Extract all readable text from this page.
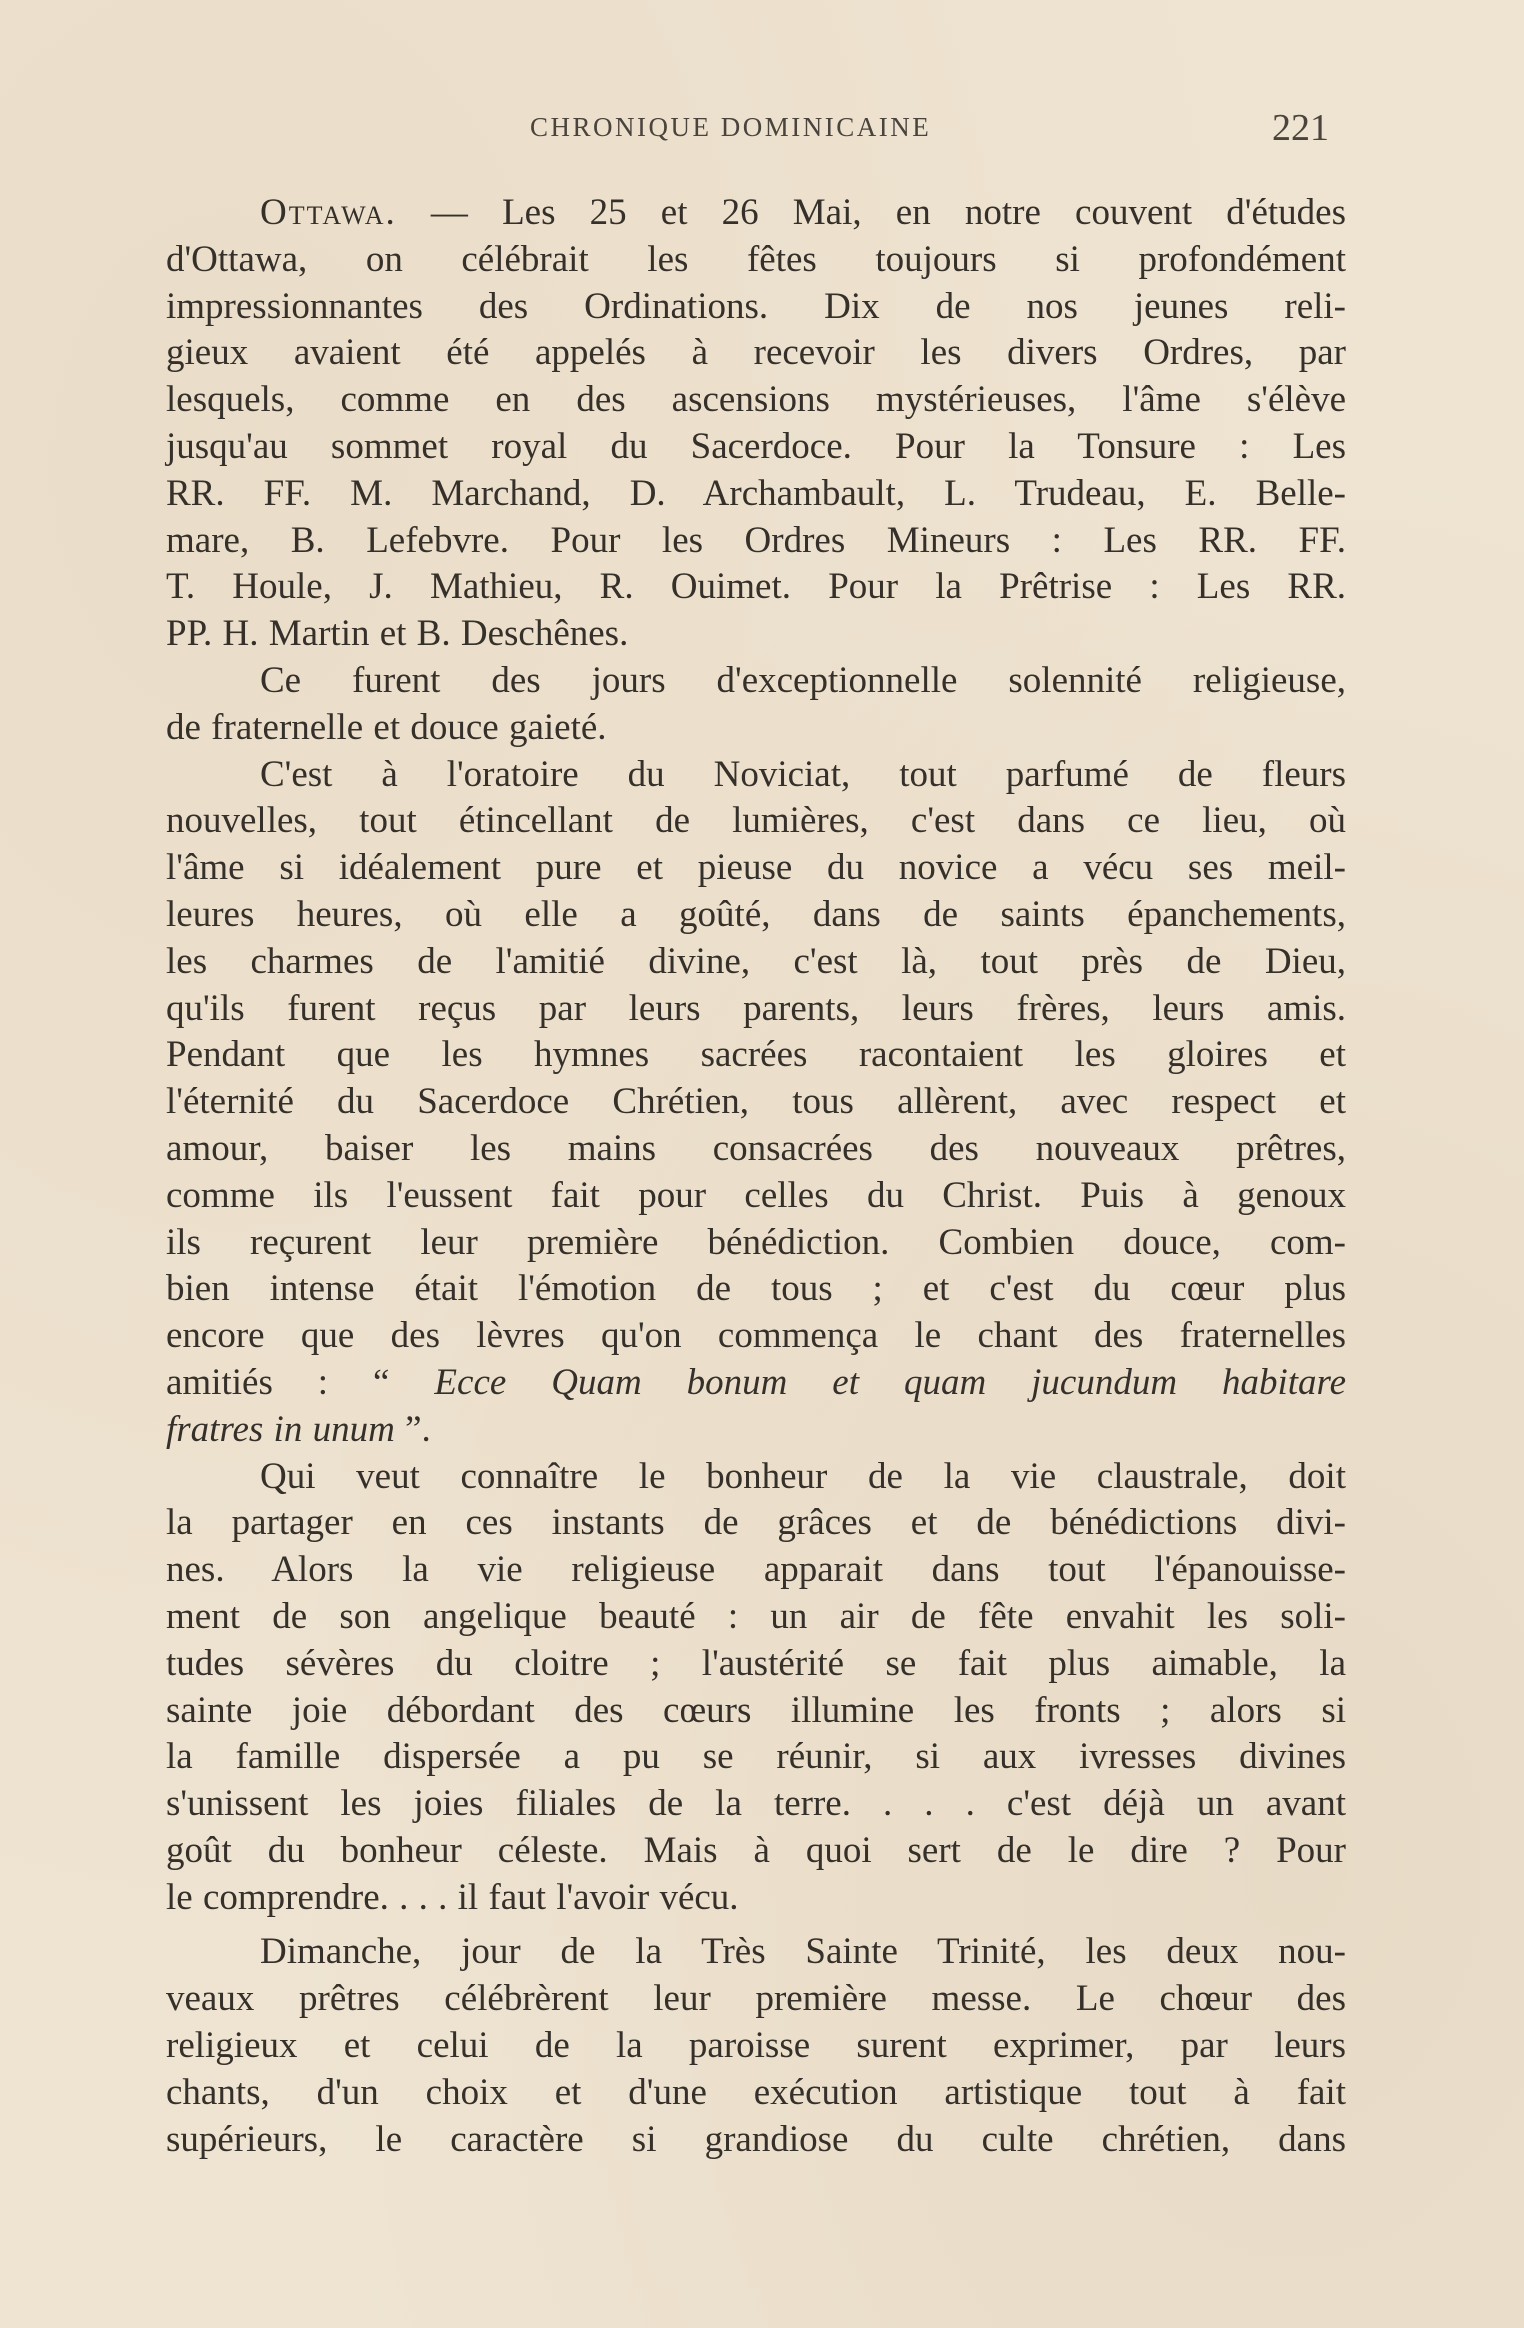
CHRONIQUE DOMINICAINE	221
Ottawa. — Les 25 et 26 Mai, en notre couvent d'études
d'Ottawa, on célébrait les fêtes toujours si profondément
impressionnantes des Ordinations. Dix de nos jeunes reli-
gieux avaient été appelés à recevoir les divers Ordres, par
lesquels, comme en des ascensions mystérieuses, l'âme s'élève
jusqu'au sommet royal du Sacerdoce. Pour la Tonsure : Les
RR. FF. M. Marchand, D. Archambault, L. Trudeau, E. Belle-
mare, B. Lefebvre. Pour les Ordres Mineurs : Les RR. FF.
T. Houle, J. Mathieu, R. Ouimet. Pour la Prêtrise : Les RR.
PP. H. Martin et B. Deschênes.
Ce furent des jours d'exceptionnelle solennité religieuse,
de fraternelle et douce gaieté.
C'est à l'oratoire du Noviciat, tout parfumé de fleurs
nouvelles, tout étincellant de lumières, c'est dans ce lieu, où
l'âme si idéalement pure et pieuse du novice a vécu ses meil-
leures heures, où elle a goûté, dans de saints épanchements,
les charmes de l'amitié divine, c'est là, tout près de Dieu,
qu'ils furent reçus par leurs parents, leurs frères, leurs amis.
Pendant que les hymnes sacrées racontaient les gloires et
l'éternité du Sacerdoce Chrétien, tous allèrent, avec respect et
amour, baiser les mains consacrées des nouveaux prêtres,
comme ils l'eussent fait pour celles du Christ. Puis à genoux
ils reçurent leur première bénédiction. Combien douce, com-
bien intense était l'émotion de tous ; et c'est du cœur plus
encore que des lèvres qu'on commença le chant des fraternelles
amitiés : “ Ecce Quam bonum et quam jucundum habitare
fratres in unum ”.
Qui veut connaître le bonheur de la vie claustrale, doit
la partager en ces instants de grâces et de bénédictions divi-
nes. Alors la vie religieuse apparait dans tout l'épanouisse-
ment de son angelique beauté : un air de fête envahit les soli-
tudes sévères du cloitre ; l'austérité se fait plus aimable, la
sainte joie débordant des cœurs illumine les fronts ; alors si
la famille dispersée a pu se réunir, si aux ivresses divines
s'unissent les joies filiales de la terre. . . . c'est déjà un avant
goût du bonheur céleste. Mais à quoi sert de le dire ? Pour
le comprendre. . . . il faut l'avoir vécu.
Dimanche, jour de la Très Sainte Trinité, les deux nou-
veaux prêtres célébrèrent leur première messe. Le chœur des
religieux et celui de la paroisse surent exprimer, par leurs
chants, d'un choix et d'une exécution artistique tout à fait
supérieurs, le caractère si grandiose du culte chrétien, dans
